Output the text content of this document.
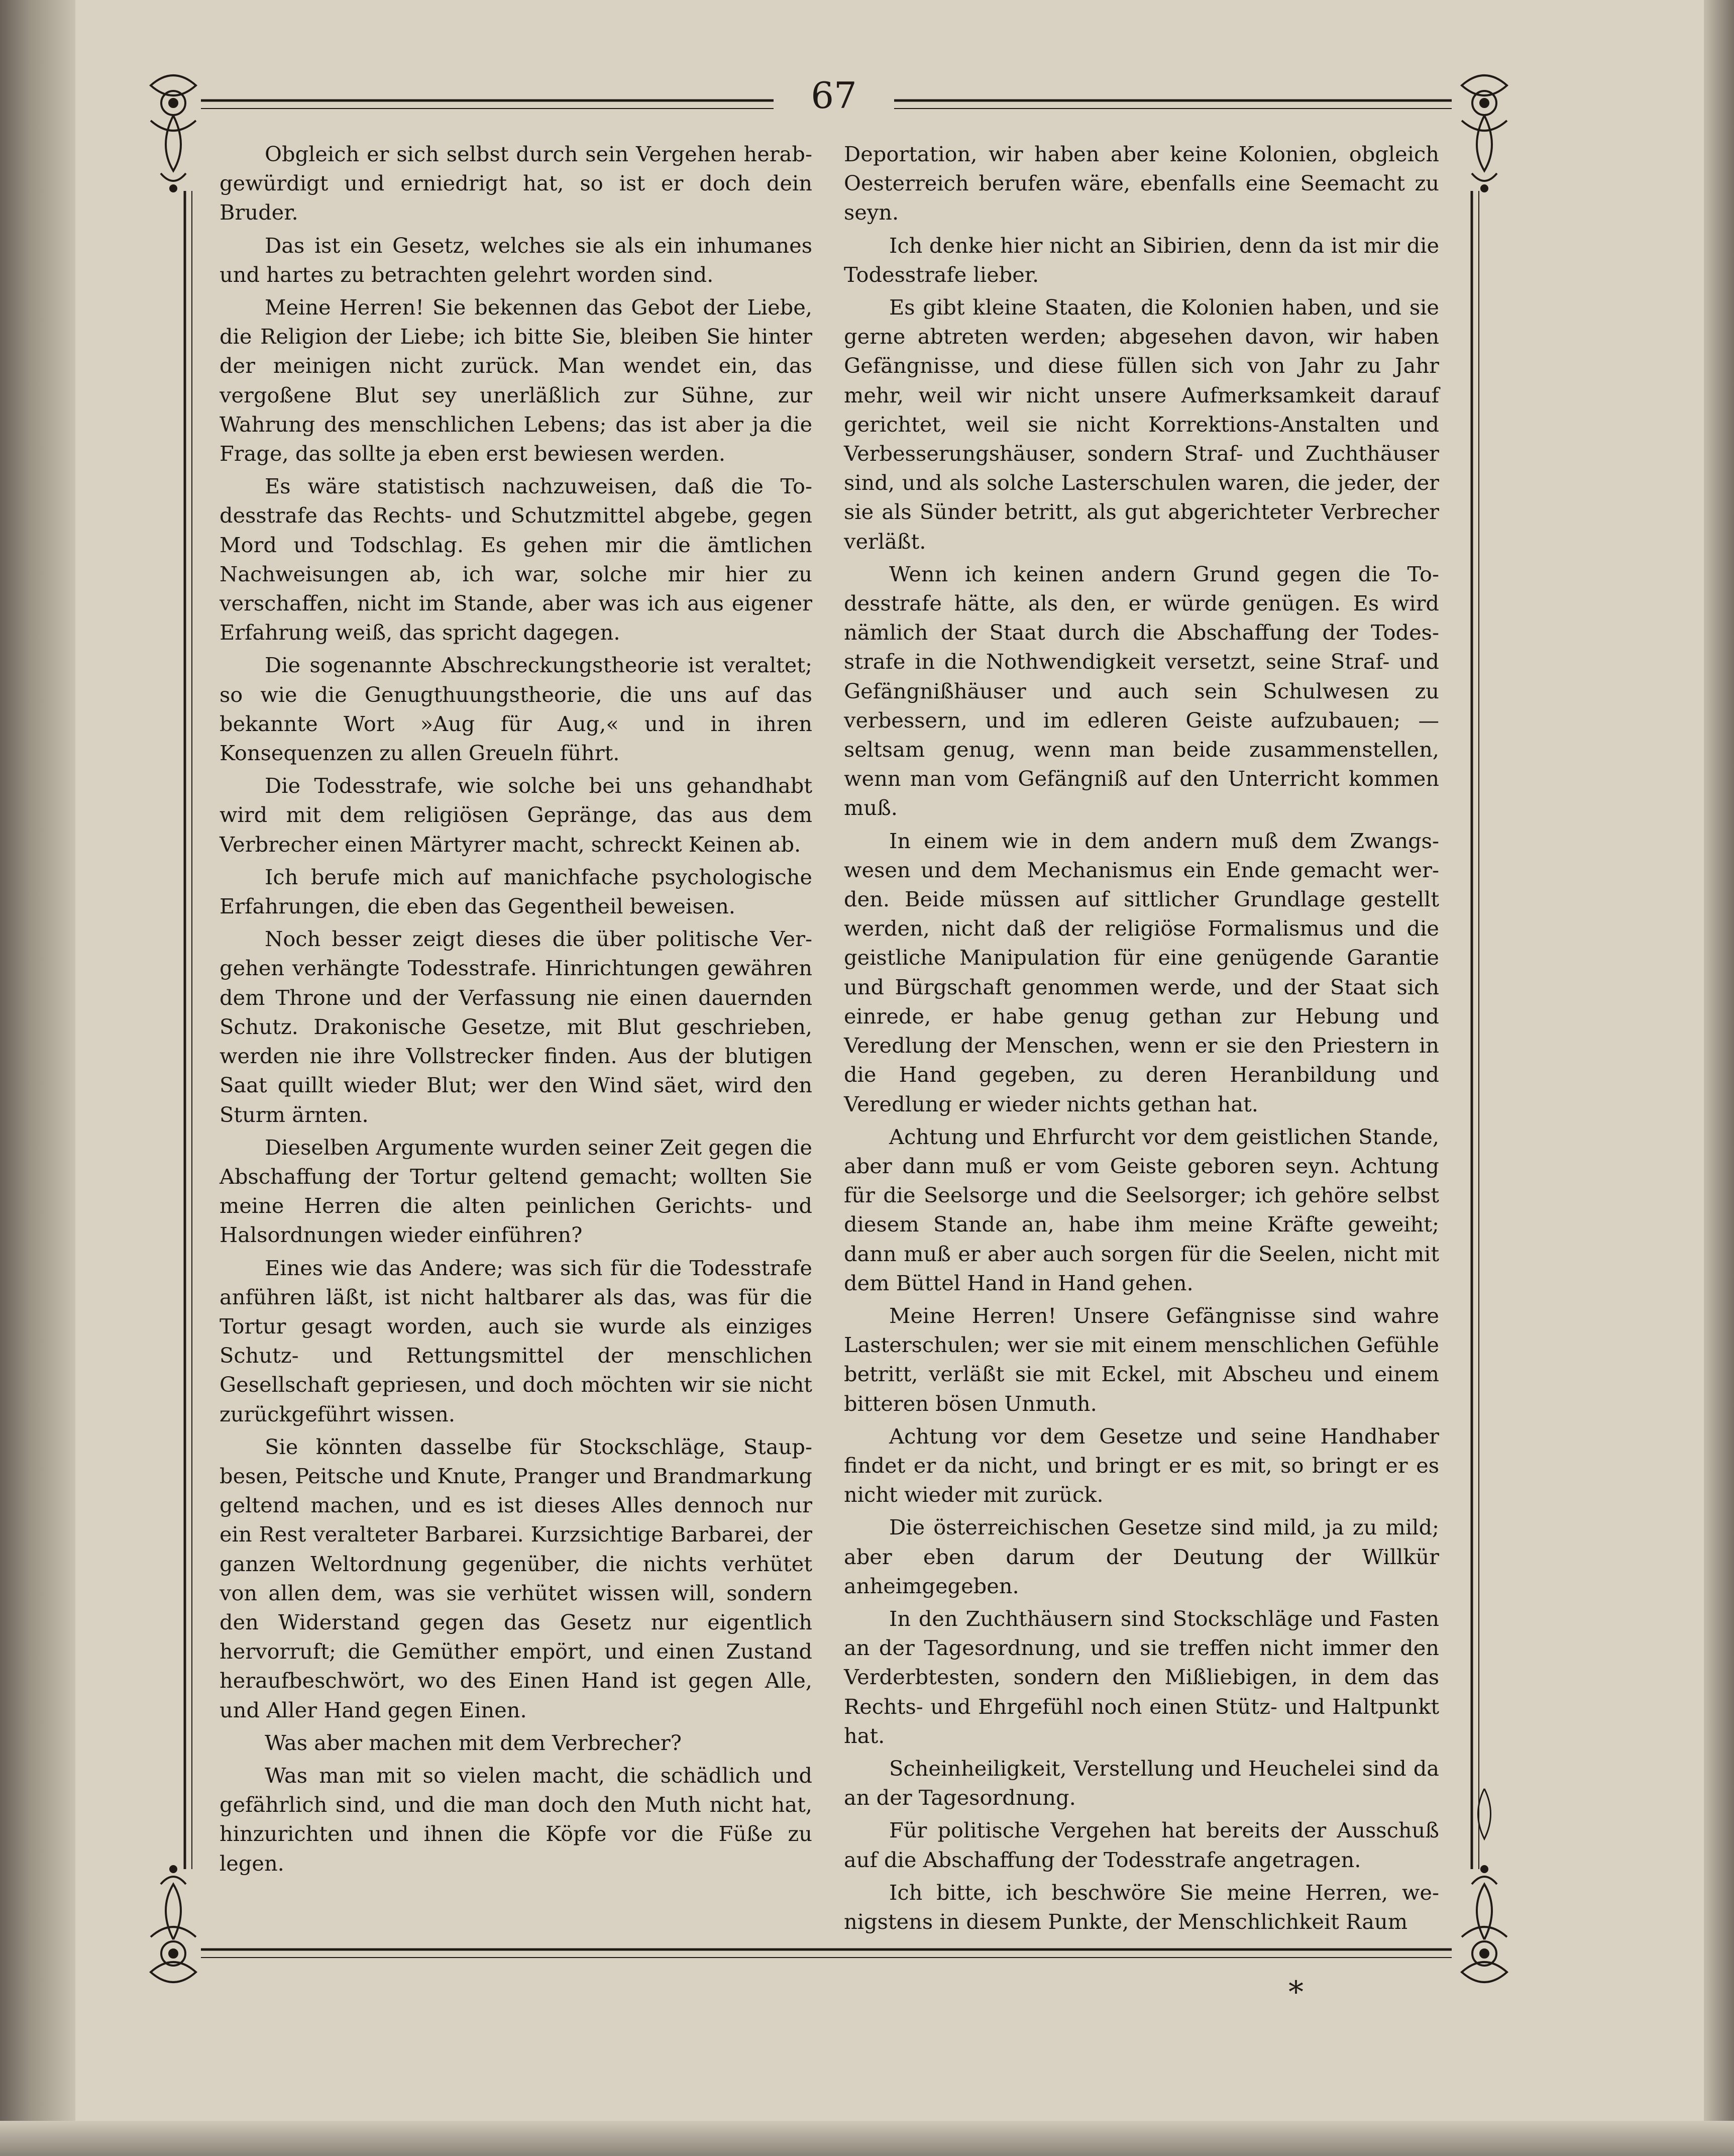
67

Obgleich er sich selbst durch sein Vergehen herabgewürdigt und erniedrigt hat, so ist er doch dein Bruder.

Das ist ein Gesetz, welches sie als ein inhumanes und hartes zu betrachten gelehrt worden sind.

Meine Herren! Sie bekennen das Gebot der Liebe, die Religion der Liebe; ich bitte Sie, bleiben Sie hinter der meinigen nicht zurück. Man wendet ein, das vergoßene Blut sey unerläßlich zur Sühne, zur Wahrung des menschlichen Lebens; das ist aber ja die Frage, das sollte ja eben erst bewiesen werden.

Es wäre statistisch nachzuweisen, daß die Todesstrafe das Rechts- und Schutzmittel abgebe, gegen Mord und Todschlag. Es gehen mir die ämtlichen Nachweisungen ab, ich war, solche mir hier zu verschaffen, nicht im Stande, aber was ich aus eigener Erfahrung weiß, das spricht dagegen.

Die sogenannte Abschreckungstheorie ist veraltet; so wie die Genugthuungstheorie, die uns auf das bekannte Wort »Aug für Aug,« und in ihren Konsequenzen zu allen Greueln führt.

Die Todesstrafe, wie solche bei uns gehandhabt wird mit dem religiösen Gepränge, das aus dem Verbrecher einen Märtyrer macht, schreckt Keinen ab.

Ich berufe mich auf manichfache psychologische Erfahrungen, die eben das Gegentheil beweisen.

Noch besser zeigt dieses die über politische Vergehen verhängte Todesstrafe. Hinrichtungen gewähren dem Throne und der Verfassung nie einen dauernden Schutz. Drakonische Gesetze, mit Blut geschrieben, werden nie ihre Vollstrecker finden. Aus der blutigen Saat quillt wieder Blut; wer den Wind säet, wird den Sturm ärnten.

Dieselben Argumente wurden seiner Zeit gegen die Abschaffung der Tortur geltend gemacht; wollten Sie meine Herren die alten peinlichen Gerichts- und Halsordnungen wieder einführen?

Eines wie das Andere; was sich für die Todesstrafe anführen läßt, ist nicht haltbarer als das, was für die Tortur gesagt worden, auch sie wurde als einziges Schutz- und Rettungsmittel der menschlichen Gesellschaft gepriesen, und doch möchten wir sie nicht zurückgeführt wissen.

Sie könnten dasselbe für Stockschläge, Staupbesen, Peitsche und Knute, Pranger und Brandmarkung geltend machen, und es ist dieses Alles dennoch nur ein Rest veralteter Barbarei. Kurzsichtige Barbarei, der ganzen Weltordnung gegenüber, die nichts verhütet von allen dem, was sie verhütet wissen will, sondern den Widerstand gegen das Gesetz nur eigentlich hervorruft; die Gemüther empört, und einen Zustand heraufbeschwört, wo des Einen Hand ist gegen Alle, und Aller Hand gegen Einen.

Was aber machen mit dem Verbrecher?

Was man mit so vielen macht, die schädlich und gefährlich sind, und die man doch den Muth nicht hat, hinzurichten und ihnen die Köpfe vor die Füße zu legen.

Deportation, wir haben aber keine Kolonien, obgleich Oesterreich berufen wäre, ebenfalls eine Seemacht zu seyn.

Ich denke hier nicht an Sibirien, denn da ist mir die Todesstrafe lieber.

Es gibt kleine Staaten, die Kolonien haben, und sie gerne abtreten werden; abgesehen davon, wir haben Gefängnisse, und diese füllen sich von Jahr zu Jahr mehr, weil wir nicht unsere Aufmerksamkeit darauf gerichtet, weil sie nicht Korrektions-Anstalten und Verbesserungshäuser, sondern Straf- und Zuchthäuser sind, und als solche Lasterschulen waren, die jeder, der sie als Sünder betritt, als gut abgerichteter Verbrecher verläßt.

Wenn ich keinen andern Grund gegen die Todesstrafe hätte, als den, er würde genügen. Es wird nämlich der Staat durch die Abschaffung der Todesstrafe in die Nothwendigkeit versetzt, seine Straf- und Gefängnißhäuser und auch sein Schulwesen zu verbessern, und im edleren Geiste aufzubauen; — seltsam genug, wenn man beide zusammenstellen, wenn man vom Gefängniß auf den Unterricht kommen muß.

In einem wie in dem andern muß dem Zwangswesen und dem Mechanismus ein Ende gemacht werden. Beide müssen auf sittlicher Grundlage gestellt werden, nicht daß der religiöse Formalismus und die geistliche Manipulation für eine genügende Garantie und Bürgschaft genommen werde, und der Staat sich einrede, er habe genug gethan zur Hebung und Veredlung der Menschen, wenn er sie den Priestern in die Hand gegeben, zu deren Heranbildung und Veredlung er wieder nichts gethan hat.

Achtung und Ehrfurcht vor dem geistlichen Stande, aber dann muß er vom Geiste geboren seyn. Achtung für die Seelsorge und die Seelsorger; ich gehöre selbst diesem Stande an, habe ihm meine Kräfte geweiht; dann muß er aber auch sorgen für die Seelen, nicht mit dem Büttel Hand in Hand gehen.

Meine Herren! Unsere Gefängnisse sind wahre Lasterschulen; wer sie mit einem menschlichen Gefühle betritt, verläßt sie mit Eckel, mit Abscheu und einem bitteren bösen Unmuth.

Achtung vor dem Gesetze und seine Handhaber findet er da nicht, und bringt er es mit, so bringt er es nicht wieder mit zurück.

Die österreichischen Gesetze sind mild, ja zu mild; aber eben darum der Deutung der Willkür anheimgegeben.

In den Zuchthäusern sind Stockschläge und Fasten an der Tagesordnung, und sie treffen nicht immer den Verderbtesten, sondern den Mißliebigen, in dem das Rechts- und Ehrgefühl noch einen Stütz- und Haltpunkt hat.

Scheinheiligkeit, Verstellung und Heuchelei sind da an der Tagesordnung.

Für politische Vergehen hat bereits der Ausschuß auf die Abschaffung der Todesstrafe angetragen.

Ich bitte, ich beschwöre Sie meine Herren, wenigstens in diesem Punkte, der Menschlichkeit Raum

*
